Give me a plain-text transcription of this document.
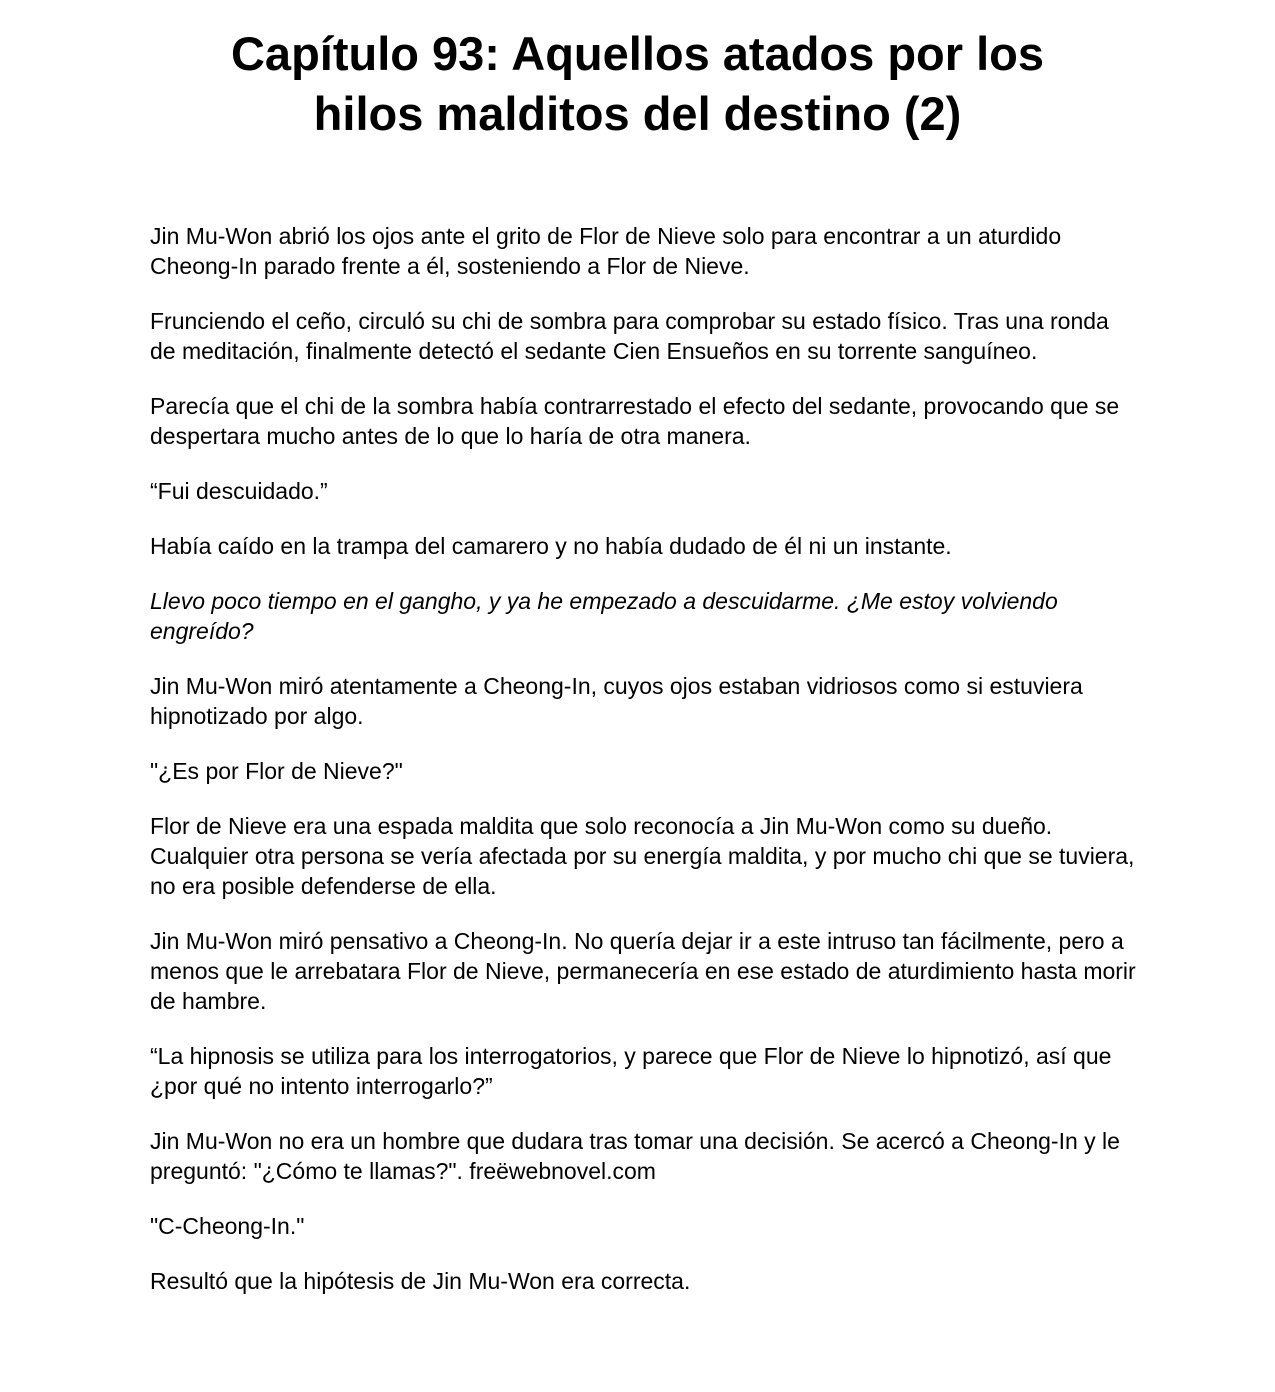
Capítulo 93: Aquellos atados por los
hilos malditos del destino (2)

Jin Mu-Won abrió los ojos ante el grito de Flor de Nieve solo para encontrar a un aturdido Cheong-In parado frente a él, sosteniendo a Flor de Nieve.

Frunciendo el ceño, circuló su chi de sombra para comprobar su estado físico. Tras una ronda de meditación, finalmente detectó el sedante Cien Ensueños en su torrente sanguíneo.

Parecía que el chi de la sombra había contrarrestado el efecto del sedante, provocando que se despertara mucho antes de lo que lo haría de otra manera.

“Fui descuidado.”

Había caído en la trampa del camarero y no había dudado de él ni un instante.

Llevo poco tiempo en el gangho, y ya he empezado a descuidarme. ¿Me estoy volviendo engreído?

Jin Mu-Won miró atentamente a Cheong-In, cuyos ojos estaban vidriosos como si estuviera hipnotizado por algo.

"¿Es por Flor de Nieve?"

Flor de Nieve era una espada maldita que solo reconocía a Jin Mu-Won como su dueño. Cualquier otra persona se vería afectada por su energía maldita, y por mucho chi que se tuviera, no era posible defenderse de ella.

Jin Mu-Won miró pensativo a Cheong-In. No quería dejar ir a este intruso tan fácilmente, pero a menos que le arrebatara Flor de Nieve, permanecería en ese estado de aturdimiento hasta morir de hambre.

“La hipnosis se utiliza para los interrogatorios, y parece que Flor de Nieve lo hipnotizó, así que ¿por qué no intento interrogarlo?”

Jin Mu-Won no era un hombre que dudara tras tomar una decisión. Se acercó a Cheong-In y le preguntó: "¿Cómo te llamas?". freëwebnovel.com

"C-Cheong-In."

Resultó que la hipótesis de Jin Mu-Won era correcta.
